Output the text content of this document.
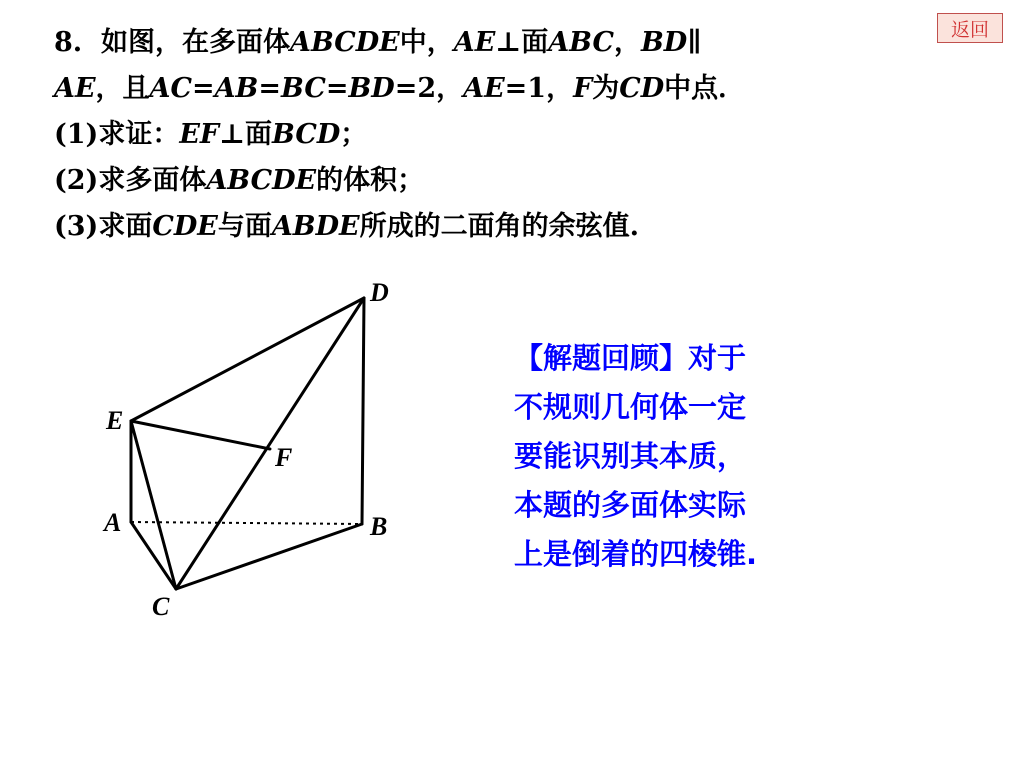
返回
8. 如图，在多面体ABCDE中，AE⊥面ABC，BD∥
AE，且AC=AB=BC=BD=2，AE=1，F为CD中点．
(1)求证：EF⊥面BCD；
(2)求多面体ABCDE的体积；
(3)求面CDE与面ABDE所成的二面角的余弦值.
D
E
F
A	B
C
【解题回顾】对于
不规则几何体一定
要能识别其本质，
本题的多面体实际
上是倒着的四棱锥.
